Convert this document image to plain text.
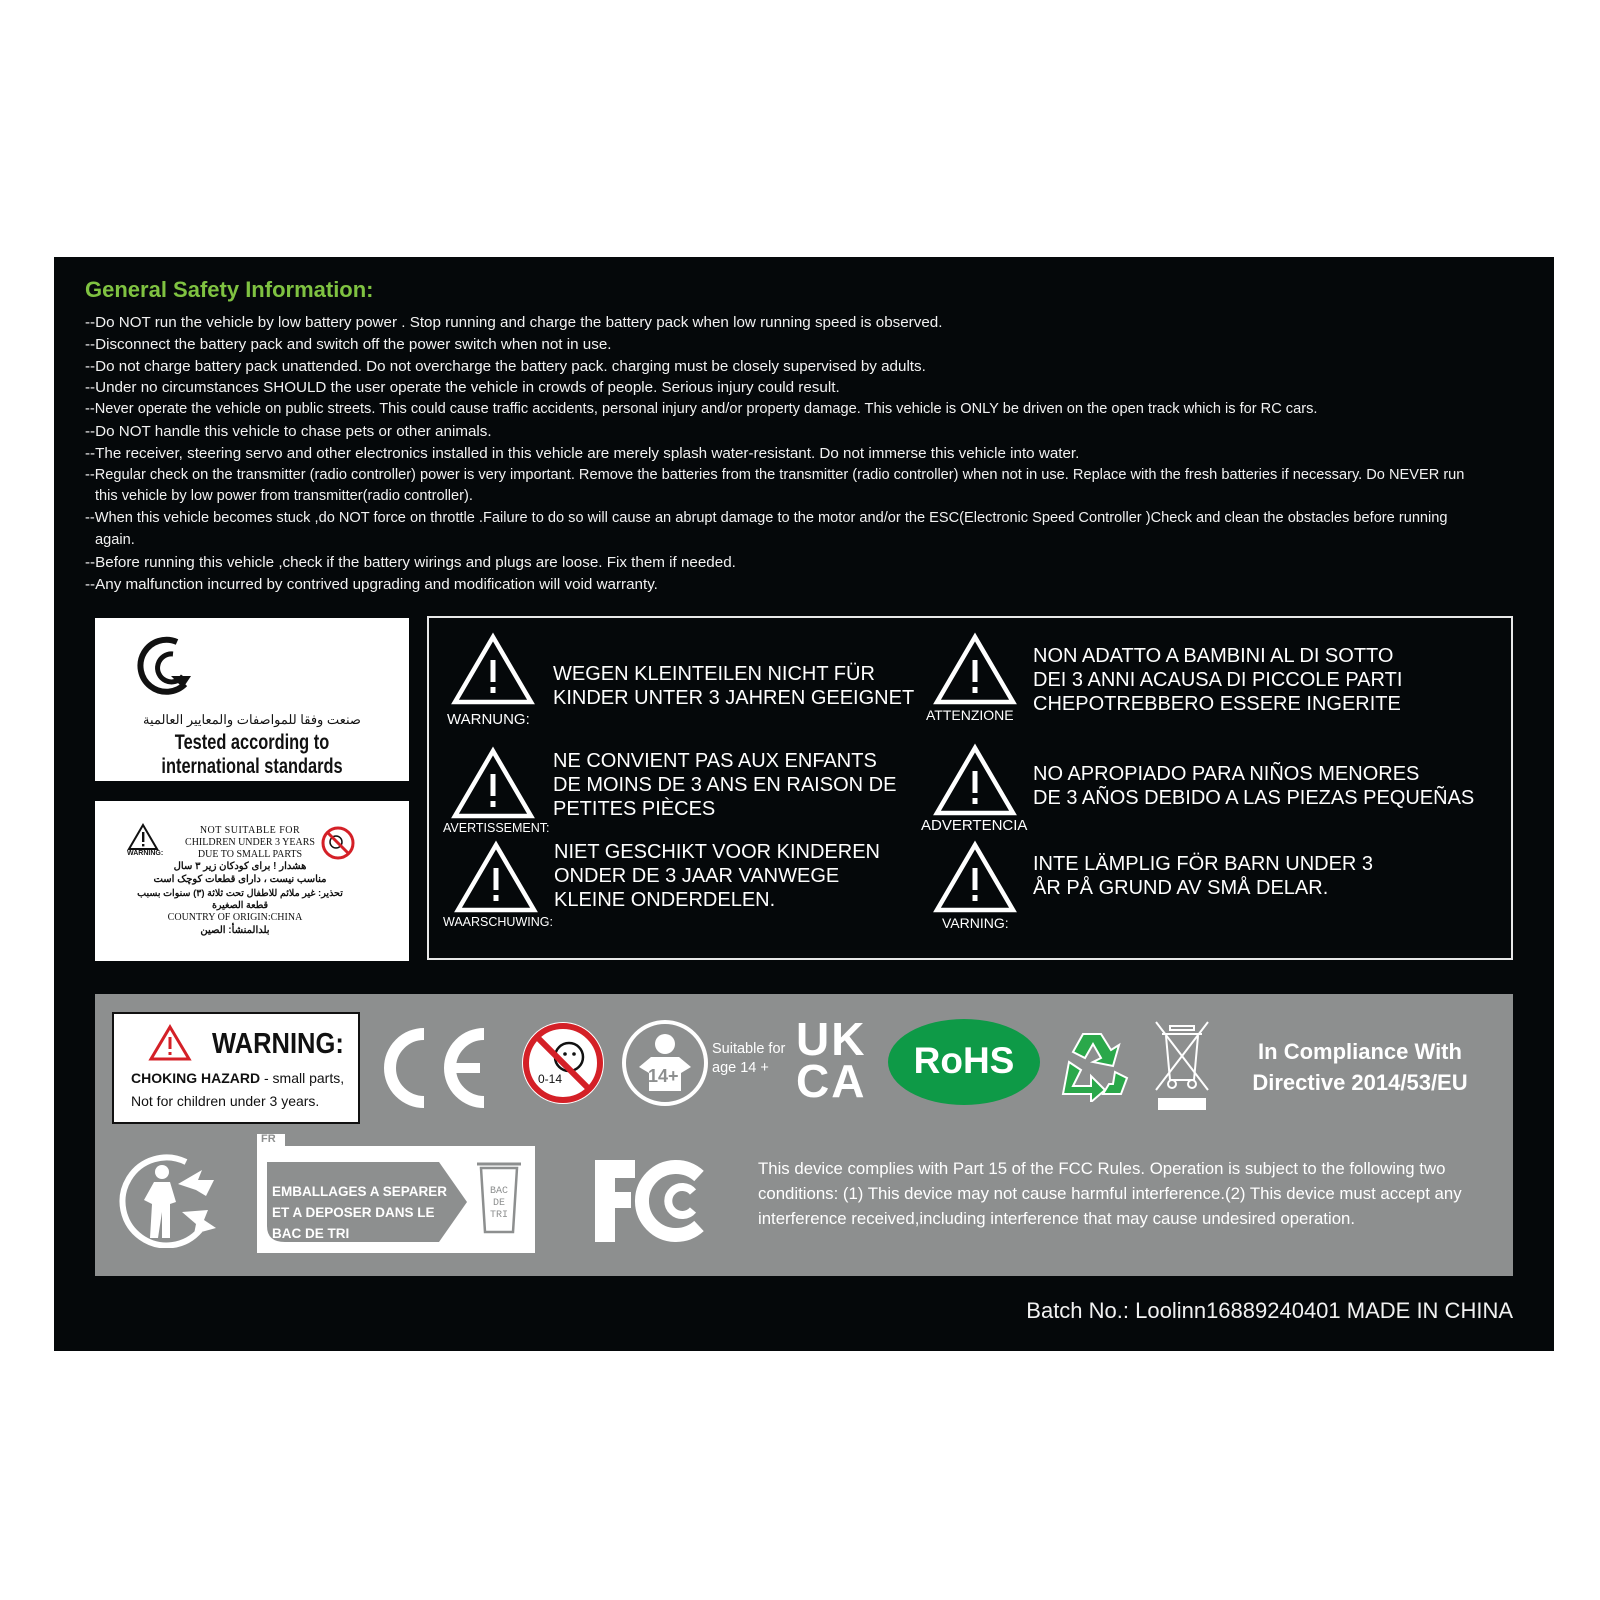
General Safety Information:
--Do NOT run the vehicle by low battery power . Stop running and charge the battery pack when low running speed is observed.
--Disconnect the battery pack and switch off the power switch when not in use.
--Do not charge battery pack unattended. Do not overcharge the battery pack. charging must be closely supervised by adults.
--Under no circumstances SHOULD the user operate the vehicle in crowds of people. Serious injury could result.
--Never operate the vehicle on public streets. This could cause traffic accidents, personal injury and/or property damage. This vehicle is ONLY be driven on the open track which is for RC cars.
--Do NOT handle this vehicle to chase pets or other animals.
--The receiver, steering servo and other electronics installed in this vehicle are merely splash water-resistant. Do not immerse this vehicle into water.
--Regular check on the transmitter (radio controller) power is very important. Remove the batteries from the transmitter (radio controller) when not in use. Replace with the fresh batteries if necessary. Do NEVER run this vehicle by low power from transmitter(radio controller).
--When this vehicle becomes stuck ,do NOT force on throttle .Failure to do so will cause an abrupt damage to the motor and/or the ESC(Electronic Speed Controller )Check and clean the obstacles before running again.
--Before running this vehicle ,check if the battery wirings and plugs are loose. Fix them if needed.
--Any malfunction incurred by contrived upgrading and modification will void warranty.
صنعت وفقا للمواصفات والمعايير العالمية
Tested according to international standards
WARNING:
NOT SUITABLE FOR
CHILDREN UNDER 3 YEARS
DUE TO SMALL PARTS
هشدار ! برای کودکان زیر ۳ سال
مناسب نیست ، دارای قطعات کوچک است
تحذير: غير ملائم للاطفال تحت ثلاثة (٣) سنوات بسبب
قطعة الصغيرة
COUNTRY OF ORIGIN:CHINA
بلدالمنشأ: الصين
WARNUNG:
WEGEN KLEINTEILEN NICHT FÜR
KINDER UNTER 3 JAHREN GEEIGNET
ATTENZIONE
NON ADATTO A BAMBINI AL DI SOTTO
DEI 3 ANNI ACAUSA DI PICCOLE PARTI
CHEPOTREBBERO ESSERE INGERITE
AVERTISSEMENT:
NE CONVIENT PAS AUX ENFANTS
DE MOINS DE 3 ANS EN RAISON DE
PETITES PIÈCES
ADVERTENCIA
NO APROPIADO PARA NIÑOS MENORES
DE 3 AÑOS DEBIDO A LAS PIEZAS PEQUEÑAS
WAARSCHUWING:
NIET GESCHIKT VOOR KINDEREN
ONDER DE 3 JAAR VANWEGE
KLEINE ONDERDELEN.
VARNING:
INTE LÄMPLIG FÖR BARN UNDER 3
ÅR PÅ GRUND AV SMÅ DELAR.
WARNING:
CHOKING HAZARD - small parts,
Not for children under 3 years.
0-14	14+
Suitable for
age 14 +
UK
CA	RoHS	In Compliance With
Directive 2014/53/EU
FR
EMBALLAGES A SEPARER
ET A DEPOSER DANS LE
BAC DE TRI
BAC
DE
TRI
This device complies with Part 15 of the FCC Rules. Operation is subject to the following two
conditions: (1) This device may not cause harmful interference.(2) This device must accept any
interference received,including interference that may cause undesired operation.
Batch No.: Loolinn16889240401 MADE IN CHINA
